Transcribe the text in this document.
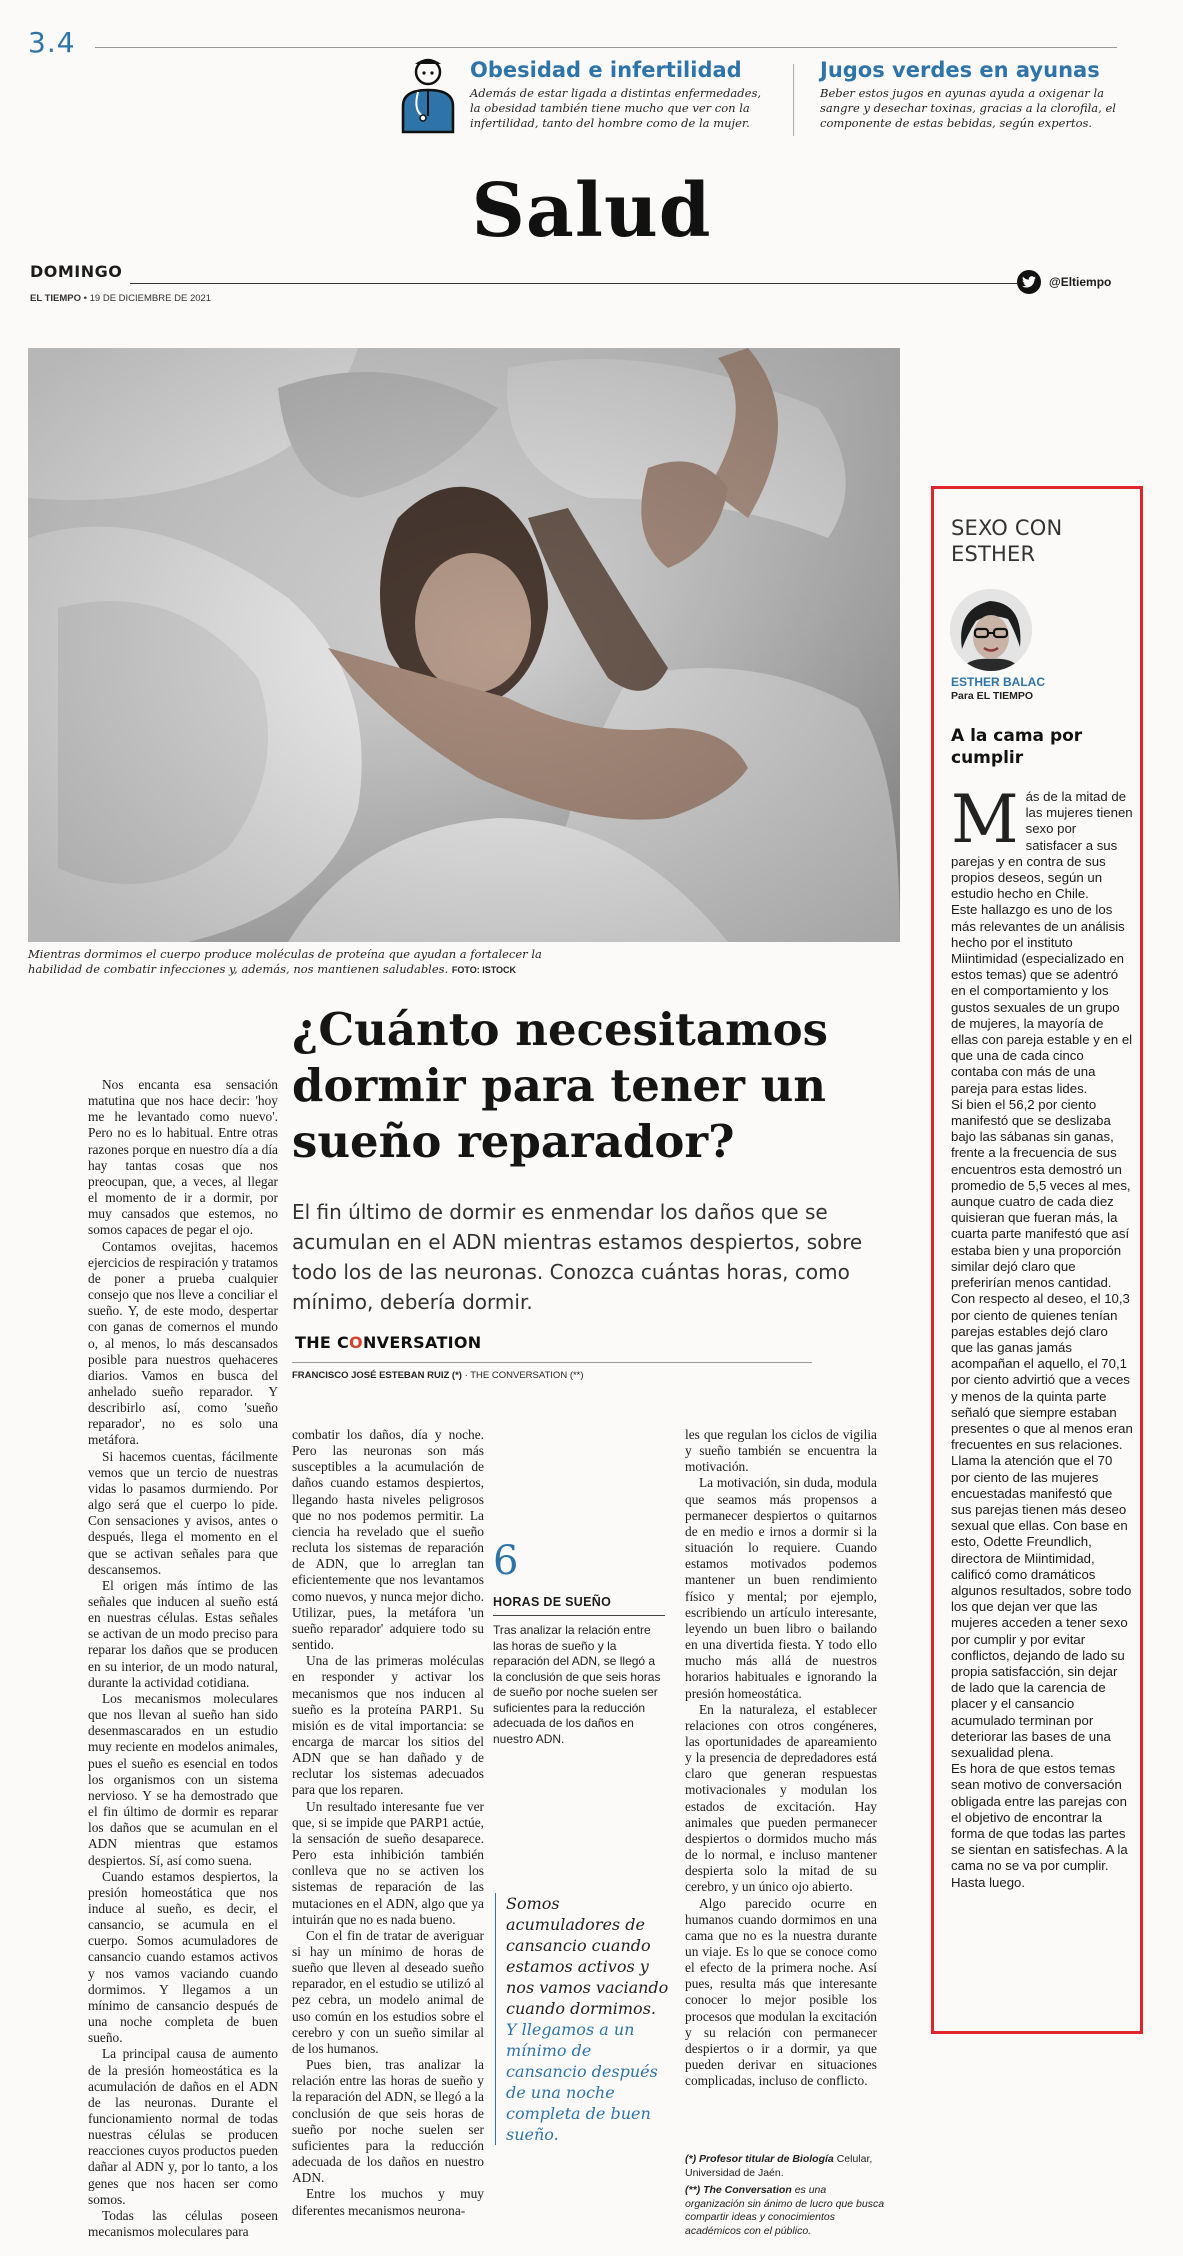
3.4
Obesidad e infertilidad

Además de estar ligada a distintas enfermedades, la obesidad también tiene mucho que ver con la infertilidad, tanto del hombre como de la mujer.

Jugos verdes en ayunas

Beber estos jugos en ayunas ayuda a oxigenar la sangre y desechar toxinas, gracias a la clorofila, el componente de estas bebidas, según expertos.

Salud
DOMINGO
EL TIEMPO • 19 DE DICIEMBRE DE 2021
@Eltiempo
Mientras dormimos el cuerpo produce moléculas de proteína que ayudan a fortalecer la habilidad de combatir infecciones y, además, nos mantienen saludables. FOTO: ISTOCK
¿Cuánto necesitamos dormir para tener un sueño reparador?

El fin último de dormir es enmendar los daños que se acumulan en el ADN mientras estamos despiertos, sobre todo los de las neuronas. Conozca cuántas horas, como mínimo, debería dormir.

THE CONVERSATION
FRANCISCO JOSÉ ESTEBAN RUIZ (*) · THE CONVERSATION (**)

Nos encanta esa sensación matutina que nos hace decir: 'hoy me he levantado como nuevo'. Pero no es lo habitual. Entre otras razones porque en nuestro día a día hay tantas cosas que nos preocupan, que, a veces, al llegar el momento de ir a dormir, por muy cansados que estemos, no somos capaces de pegar el ojo.

Contamos ovejitas, hacemos ejercicios de respiración y tratamos de poner a prueba cualquier consejo que nos lleve a conciliar el sueño. Y, de este modo, despertar con ganas de comernos el mundo o, al menos, lo más descansados posible para nuestros quehaceres diarios. Vamos en busca del anhelado sueño reparador. Y describirlo así, como 'sueño reparador', no es solo una metáfora.

Si hacemos cuentas, fácilmente vemos que un tercio de nuestras vidas lo pasamos durmiendo. Por algo será que el cuerpo lo pide. Con sensaciones y avisos, antes o después, llega el momento en el que se activan señales para que descansemos.

El origen más íntimo de las señales que inducen al sueño está en nuestras células. Estas señales se activan de un modo preciso para reparar los daños que se producen en su interior, de un modo natural, durante la actividad cotidiana.

Los mecanismos moleculares que nos llevan al sueño han sido desenmascarados en un estudio muy reciente en modelos animales, pues el sueño es esencial en todos los organismos con un sistema nervioso. Y se ha demostrado que el fin último de dormir es reparar los daños que se acumulan en el ADN mientras que estamos despiertos. Sí, así como suena.

Cuando estamos despiertos, la presión homeostática que nos induce al sueño, es decir, el cansancio, se acumula en el cuerpo. Somos acumuladores de cansancio cuando estamos activos y nos vamos vaciando cuando dormimos. Y llegamos a un mínimo de cansancio después de una noche completa de buen sueño.

La principal causa de aumento de la presión homeostática es la acumulación de daños en el ADN de las neuronas. Durante el funcionamiento normal de todas nuestras células se producen reacciones cuyos productos pueden dañar al ADN y, por lo tanto, a los genes que nos hacen ser como somos.

Todas las células poseen mecanismos moleculares para

combatir los daños, día y noche. Pero las neuronas son más susceptibles a la acumulación de daños cuando estamos despiertos, llegando hasta niveles peligrosos que no nos podemos permitir. La ciencia ha revelado que el sueño recluta los sistemas de reparación de ADN, que lo arreglan tan eficientemente que nos levantamos como nuevos, y nunca mejor dicho. Utilizar, pues, la metáfora 'un sueño reparador' adquiere todo su sentido.

Una de las primeras moléculas en responder y activar los mecanismos que nos inducen al sueño es la proteína PARP1. Su misión es de vital importancia: se encarga de marcar los sitios del ADN que se han dañado y de reclutar los sistemas adecuados para que los reparen.

Un resultado interesante fue ver que, si se impide que PARP1 actúe, la sensación de sueño desaparece. Pero esta inhibición también conlleva que no se activen los sistemas de reparación de las mutaciones en el ADN, algo que ya intuirán que no es nada bueno.

Con el fin de tratar de averiguar si hay un mínimo de horas de sueño que lleven al deseado sueño reparador, en el estudio se utilizó al pez cebra, un modelo animal de uso común en los estudios sobre el cerebro y con un sueño similar al de los humanos.

Pues bien, tras analizar la relación entre las horas de sueño y la reparación del ADN, se llegó a la conclusión de que seis horas de sueño por noche suelen ser suficientes para la reducción adecuada de los daños en nuestro ADN.

Entre los muchos y muy diferentes mecanismos neurona-

les que regulan los ciclos de vigilia y sueño también se encuentra la motivación.

La motivación, sin duda, modula que seamos más propensos a permanecer despiertos o quitarnos de en medio e irnos a dormir si la situación lo requiere. Cuando estamos motivados podemos mantener un buen rendimiento físico y mental; por ejemplo, escribiendo un artículo interesante, leyendo un buen libro o bailando en una divertida fiesta. Y todo ello mucho más allá de nuestros horarios habituales e ignorando la presión homeostática.

En la naturaleza, el establecer relaciones con otros congéneres, las oportunidades de apareamiento y la presencia de depredadores está claro que generan respuestas motivacionales y modulan los estados de excitación. Hay animales que pueden permanecer despiertos o dormidos mucho más de lo normal, e incluso mantener despierta solo la mitad de su cerebro, y un único ojo abierto.

Algo parecido ocurre en humanos cuando dormimos en una cama que no es la nuestra durante un viaje. Es lo que se conoce como el efecto de la primera noche. Así pues, resulta más que interesante conocer lo mejor posible los procesos que modulan la excitación y su relación con permanecer despiertos o ir a dormir, ya que pueden derivar en situaciones complicadas, incluso de conflicto.

(*) Profesor titular de Biología Celular, Universidad de Jaén.

(**) The Conversation es una organización sin ánimo de lucro que busca compartir ideas y conocimientos académicos con el público.

6
HORAS DE SUEÑO
Tras analizar la relación entre las horas de sueño y la reparación del ADN, se llegó a la conclusión de que seis horas de sueño por noche suelen ser suficientes para la reducción adecuada de los daños en nuestro ADN.
Somos acumuladores de cansancio cuando estamos activos y nos vamos vaciando cuando dormimos.
Y llegamos a un mínimo de cansancio después de una noche completa de buen sueño.
SEXO CON ESTHER
ESTHER BALAC
Para EL TIEMPO
A la cama por cumplir

Más de la mitad de las mujeres tienen sexo por satisfacer a sus parejas y en contra de sus propios deseos, según un estudio hecho en Chile.

Este hallazgo es uno de los más relevantes de un análisis hecho por el instituto Miintimidad (especializado en estos temas) que se adentró en el comportamiento y los gustos sexuales de un grupo de mujeres, la mayoría de ellas con pareja estable y en el que una de cada cinco contaba con más de una pareja para estas lides.

Si bien el 56,2 por ciento manifestó que se deslizaba bajo las sábanas sin ganas, frente a la frecuencia de sus encuentros esta demostró un promedio de 5,5 veces al mes, aunque cuatro de cada diez quisieran que fueran más, la cuarta parte manifestó que así estaba bien y una proporción similar dejó claro que preferirían menos cantidad.

Con respecto al deseo, el 10,3 por ciento de quienes tenían parejas estables dejó claro que las ganas jamás acompañan el aquello, el 70,1 por ciento advirtió que a veces y menos de la quinta parte señaló que siempre estaban presentes o que al menos eran frecuentes en sus relaciones.

Llama la atención que el 70 por ciento de las mujeres encuestadas manifestó que sus parejas tienen más deseo sexual que ellas. Con base en esto, Odette Freundlich, directora de Miintimidad, calificó como dramáticos algunos resultados, sobre todo los que dejan ver que las mujeres acceden a tener sexo por cumplir y por evitar conflictos, dejando de lado su propia satisfacción, sin dejar de lado que la carencia de placer y el cansancio acumulado terminan por deteriorar las bases de una sexualidad plena.

Es hora de que estos temas sean motivo de conversación obligada entre las parejas con el objetivo de encontrar la forma de que todas las partes se sientan en satisfechas. A la cama no se va por cumplir. Hasta luego.
